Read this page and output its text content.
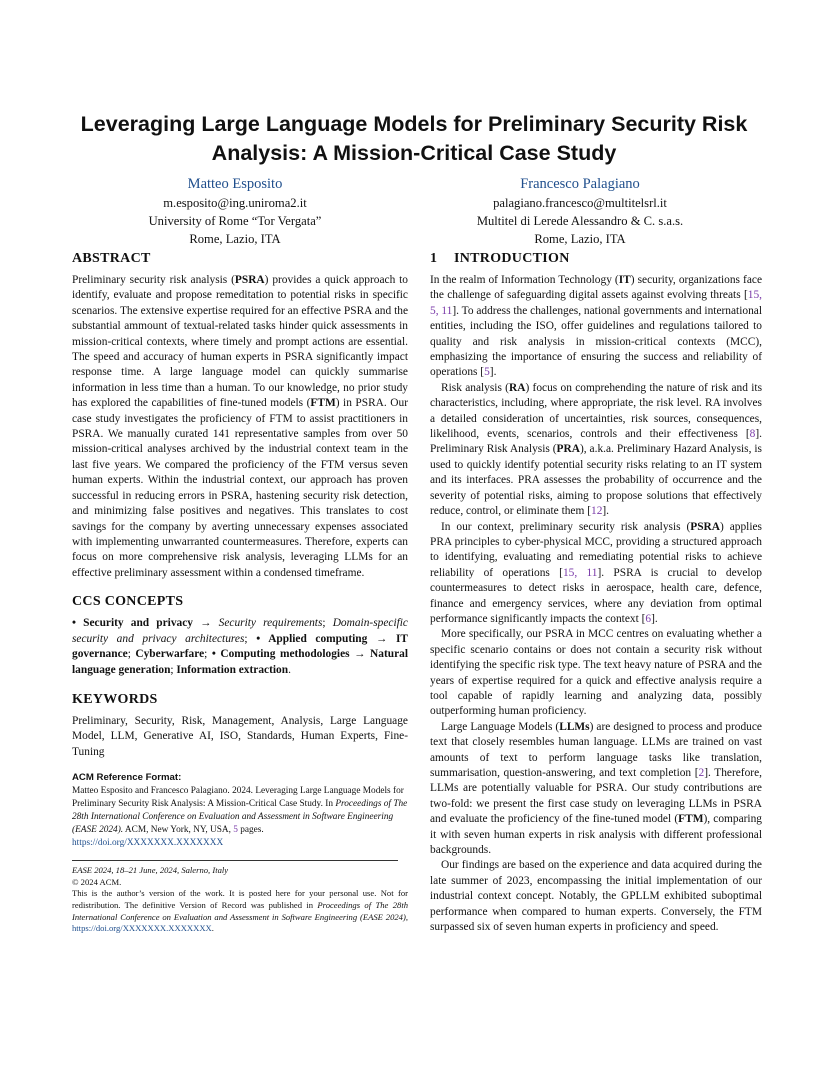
Leveraging Large Language Models for Preliminary Security Risk Analysis: A Mission-Critical Case Study
Matteo Esposito
m.esposito@ing.uniroma2.it
University of Rome “Tor Vergata”
Rome, Lazio, ITA
Francesco Palagiano
palagiano.francesco@multitelsrl.it
Multitel di Lerede Alessandro & C. s.a.s.
Rome, Lazio, ITA
ABSTRACT

Preliminary security risk analysis (PSRA) provides a quick approach to identify, evaluate and propose remeditation to potential risks in specific scenarios. The extensive expertise required for an effective PSRA and the substantial ammount of textual-related tasks hinder quick assessments in mission-critical contexts, where timely and prompt actions are essential. The speed and accuracy of human experts in PSRA significantly impact response time. A large language model can quickly summarise information in less time than a human. To our knowledge, no prior study has explored the capabilities of fine-tuned models (FTM) in PSRA. Our case study investigates the proficiency of FTM to assist practitioners in PSRA. We manually curated 141 representative samples from over 50 mission-critical analyses archived by the industrial context team in the last five years. We compared the proficiency of the FTM versus seven human experts. Within the industrial context, our approach has proven successful in reducing errors in PSRA, hastening security risk detection, and minimizing false positives and negatives. This translates to cost savings for the company by averting unnecessary expenses associated with implementing unwarranted countermeasures. Therefore, experts can focus on more comprehensive risk analysis, leveraging LLMs for an effective preliminary assessment within a condensed timeframe.

CCS CONCEPTS

• Security and privacy → Security requirements; Domain-specific security and privacy architectures; • Applied computing → IT governance; Cyberwarfare; • Computing methodologies → Natural language generation; Information extraction.

KEYWORDS

Preliminary, Security, Risk, Management, Analysis, Large Language Model, LLM, Generative AI, ISO, Standards, Human Experts, Fine-Tuning

ACM Reference Format:

Matteo Esposito and Francesco Palagiano. 2024. Leveraging Large Language Models for Preliminary Security Risk Analysis: A Mission-Critical Case Study. In Proceedings of The 28th International Conference on Evaluation and Assessment in Software Engineering (EASE 2024). ACM, New York, NY, USA, 5 pages. https://doi.org/XXXXXXX.XXXXXXX

EASE 2024, 18–21 June, 2024, Salerno, Italy

© 2024 ACM.

This is the author’s version of the work. It is posted here for your personal use. Not for redistribution. The definitive Version of Record was published in Proceedings of The 28th International Conference on Evaluation and Assessment in Software Engineering (EASE 2024), https://doi.org/XXXXXXX.XXXXXXX.

1 INTRODUCTION

In the realm of Information Technology (IT) security, organizations face the challenge of safeguarding digital assets against evolving threats [15, 5, 11]. To address the challenges, national governments and international entities, including the ISO, offer guidelines and regulations tailored to quality and risk analysis in mission-critical contexts (MCC), emphasizing the importance of ensuring the success and reliability of operations [5].

Risk analysis (RA) focus on comprehending the nature of risk and its characteristics, including, where appropriate, the risk level. RA involves a detailed consideration of uncertainties, risk sources, consequences, likelihood, events, scenarios, controls and their effectiveness [8]. Preliminary Risk Analysis (PRA), a.k.a. Preliminary Hazard Analysis, is used to quickly identify potential security risks relating to an IT system and its interfaces. PRA assesses the probability of occurrence and the severity of potential risks, aiming to propose solutions that effectively reduce, control, or eliminate them [12].

In our context, preliminary security risk analysis (PSRA) applies PRA principles to cyber-physical MCC, providing a structured approach to identifying, evaluating and remediating potential risks to achieve reliability of operations [15, 11]. PSRA is crucial to develop countermeasures to detect risks in aerospace, health care, defence, finance and emergency services, where any deviation from optimal performance significantly impacts the context [6].

More specifically, our PSRA in MCC centres on evaluating whether a specific scenario contains or does not contain a security risk without identifying the specific risk type. The text heavy nature of PSRA and the years of expertise required for a quick and effective analysis require a tool capable of rapidly learning and analyzing data, possibly outperforming human proficiency.

Large Language Models (LLMs) are designed to process and produce text that closely resembles human language. LLMs are trained on vast amounts of text to perform language tasks like translation, summarisation, question-answering, and text completion [2]. Therefore, LLMs are potentially valuable for PSRA. Our study contributions are two-fold: we present the first case study on leveraging LLMs in PSRA and evaluate the proficiency of the fine-tuned model (FTM), comparing it with seven human experts in risk analysis with different professional backgrounds.

Our findings are based on the experience and data acquired during the late summer of 2023, encompassing the initial implementation of our industrial context concept. Notably, the GPLLM exhibited suboptimal performance when compared to human experts. Conversely, the FTM surpassed six of seven human experts in proficiency and speed.
